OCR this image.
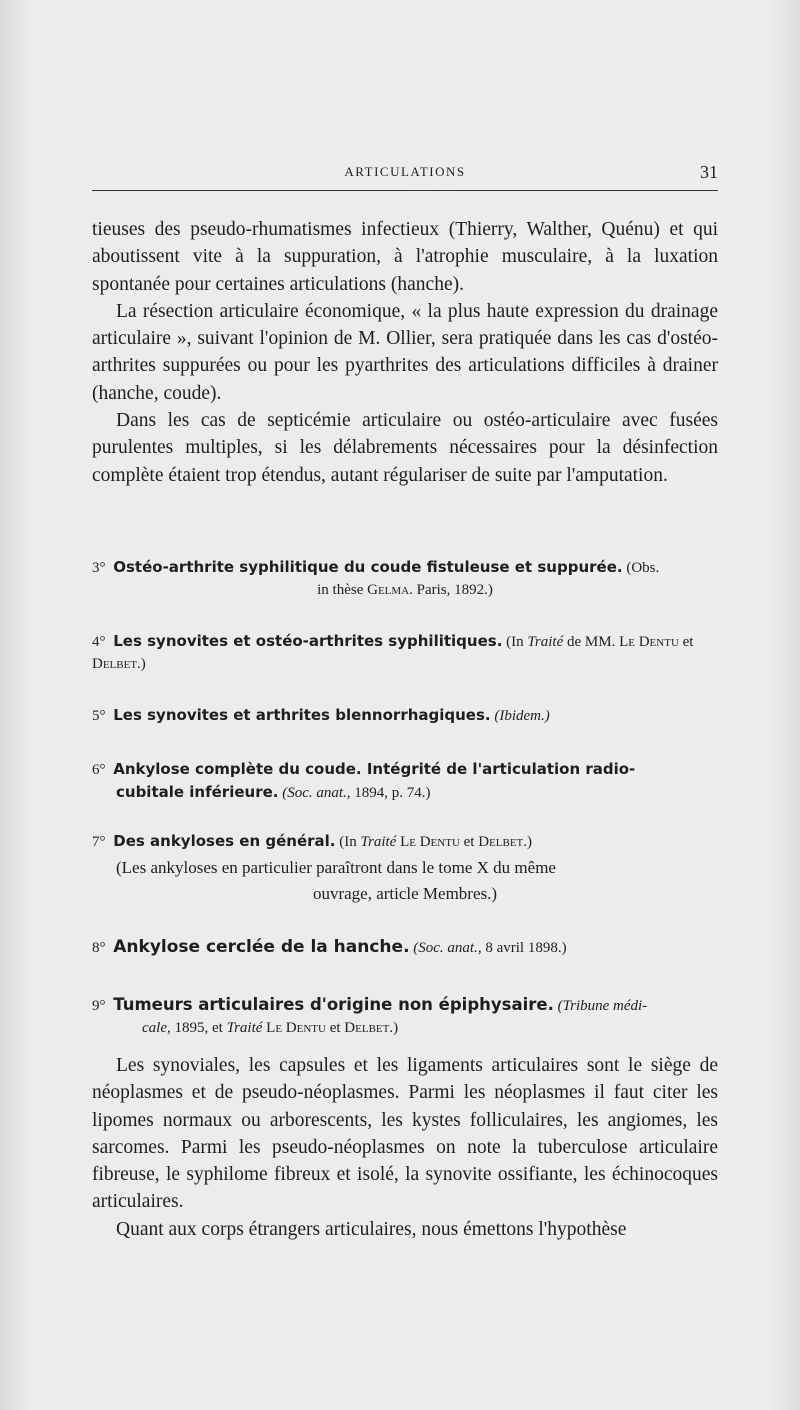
ARTICULATIONS	31

tieuses des pseudo-rhumatismes infectieux (Thierry, Walther, Quénu) et qui aboutissent vite à la suppuration, à l'atrophie musculaire, à la luxation spontanée pour certaines articulations (hanche).

La résection articulaire économique, « la plus haute expression du drainage articulaire », suivant l'opinion de M. Ollier, sera pratiquée dans les cas d'ostéo-arthrites suppurées ou pour les pyarthrites des articulations difficiles à drainer (hanche, coude).

Dans les cas de septicémie articulaire ou ostéo-articulaire avec fusées purulentes multiples, si les délabrements nécessaires pour la désinfection complète étaient trop étendus, autant régulariser de suite par l'amputation.

3° Ostéo-arthrite syphilitique du coude fistuleuse et suppurée. (Obs.
in thèse Gelma. Paris, 1892.)
4° Les synovites et ostéo-arthrites syphilitiques. (In Traité de MM. Le Dentu et Delbet.)
5° Les synovites et arthrites blennorrhagiques. (Ibidem.)
6° Ankylose complète du coude. Intégrité de l'articulation radio-
cubitale inférieure. (Soc. anat., 1894, p. 74.)
7° Des ankyloses en général. (In Traité Le Dentu et Delbet.)
(Les ankyloses en particulier paraîtront dans le tome X du même
ouvrage, article Membres.)
8° Ankylose cerclée de la hanche. (Soc. anat., 8 avril 1898.)
9° Tumeurs articulaires d'origine non épiphysaire. (Tribune médi-
cale, 1895, et Traité Le Dentu et Delbet.)

Les synoviales, les capsules et les ligaments articulaires sont le siège de néoplasmes et de pseudo-néoplasmes. Parmi les néoplasmes il faut citer les lipomes normaux ou arborescents, les kystes folliculaires, les angiomes, les sarcomes. Parmi les pseudo-néoplasmes on note la tuberculose articulaire fibreuse, le syphilome fibreux et isolé, la synovite ossifiante, les échinocoques articulaires.

Quant aux corps étrangers articulaires, nous émettons l'hypothèse
